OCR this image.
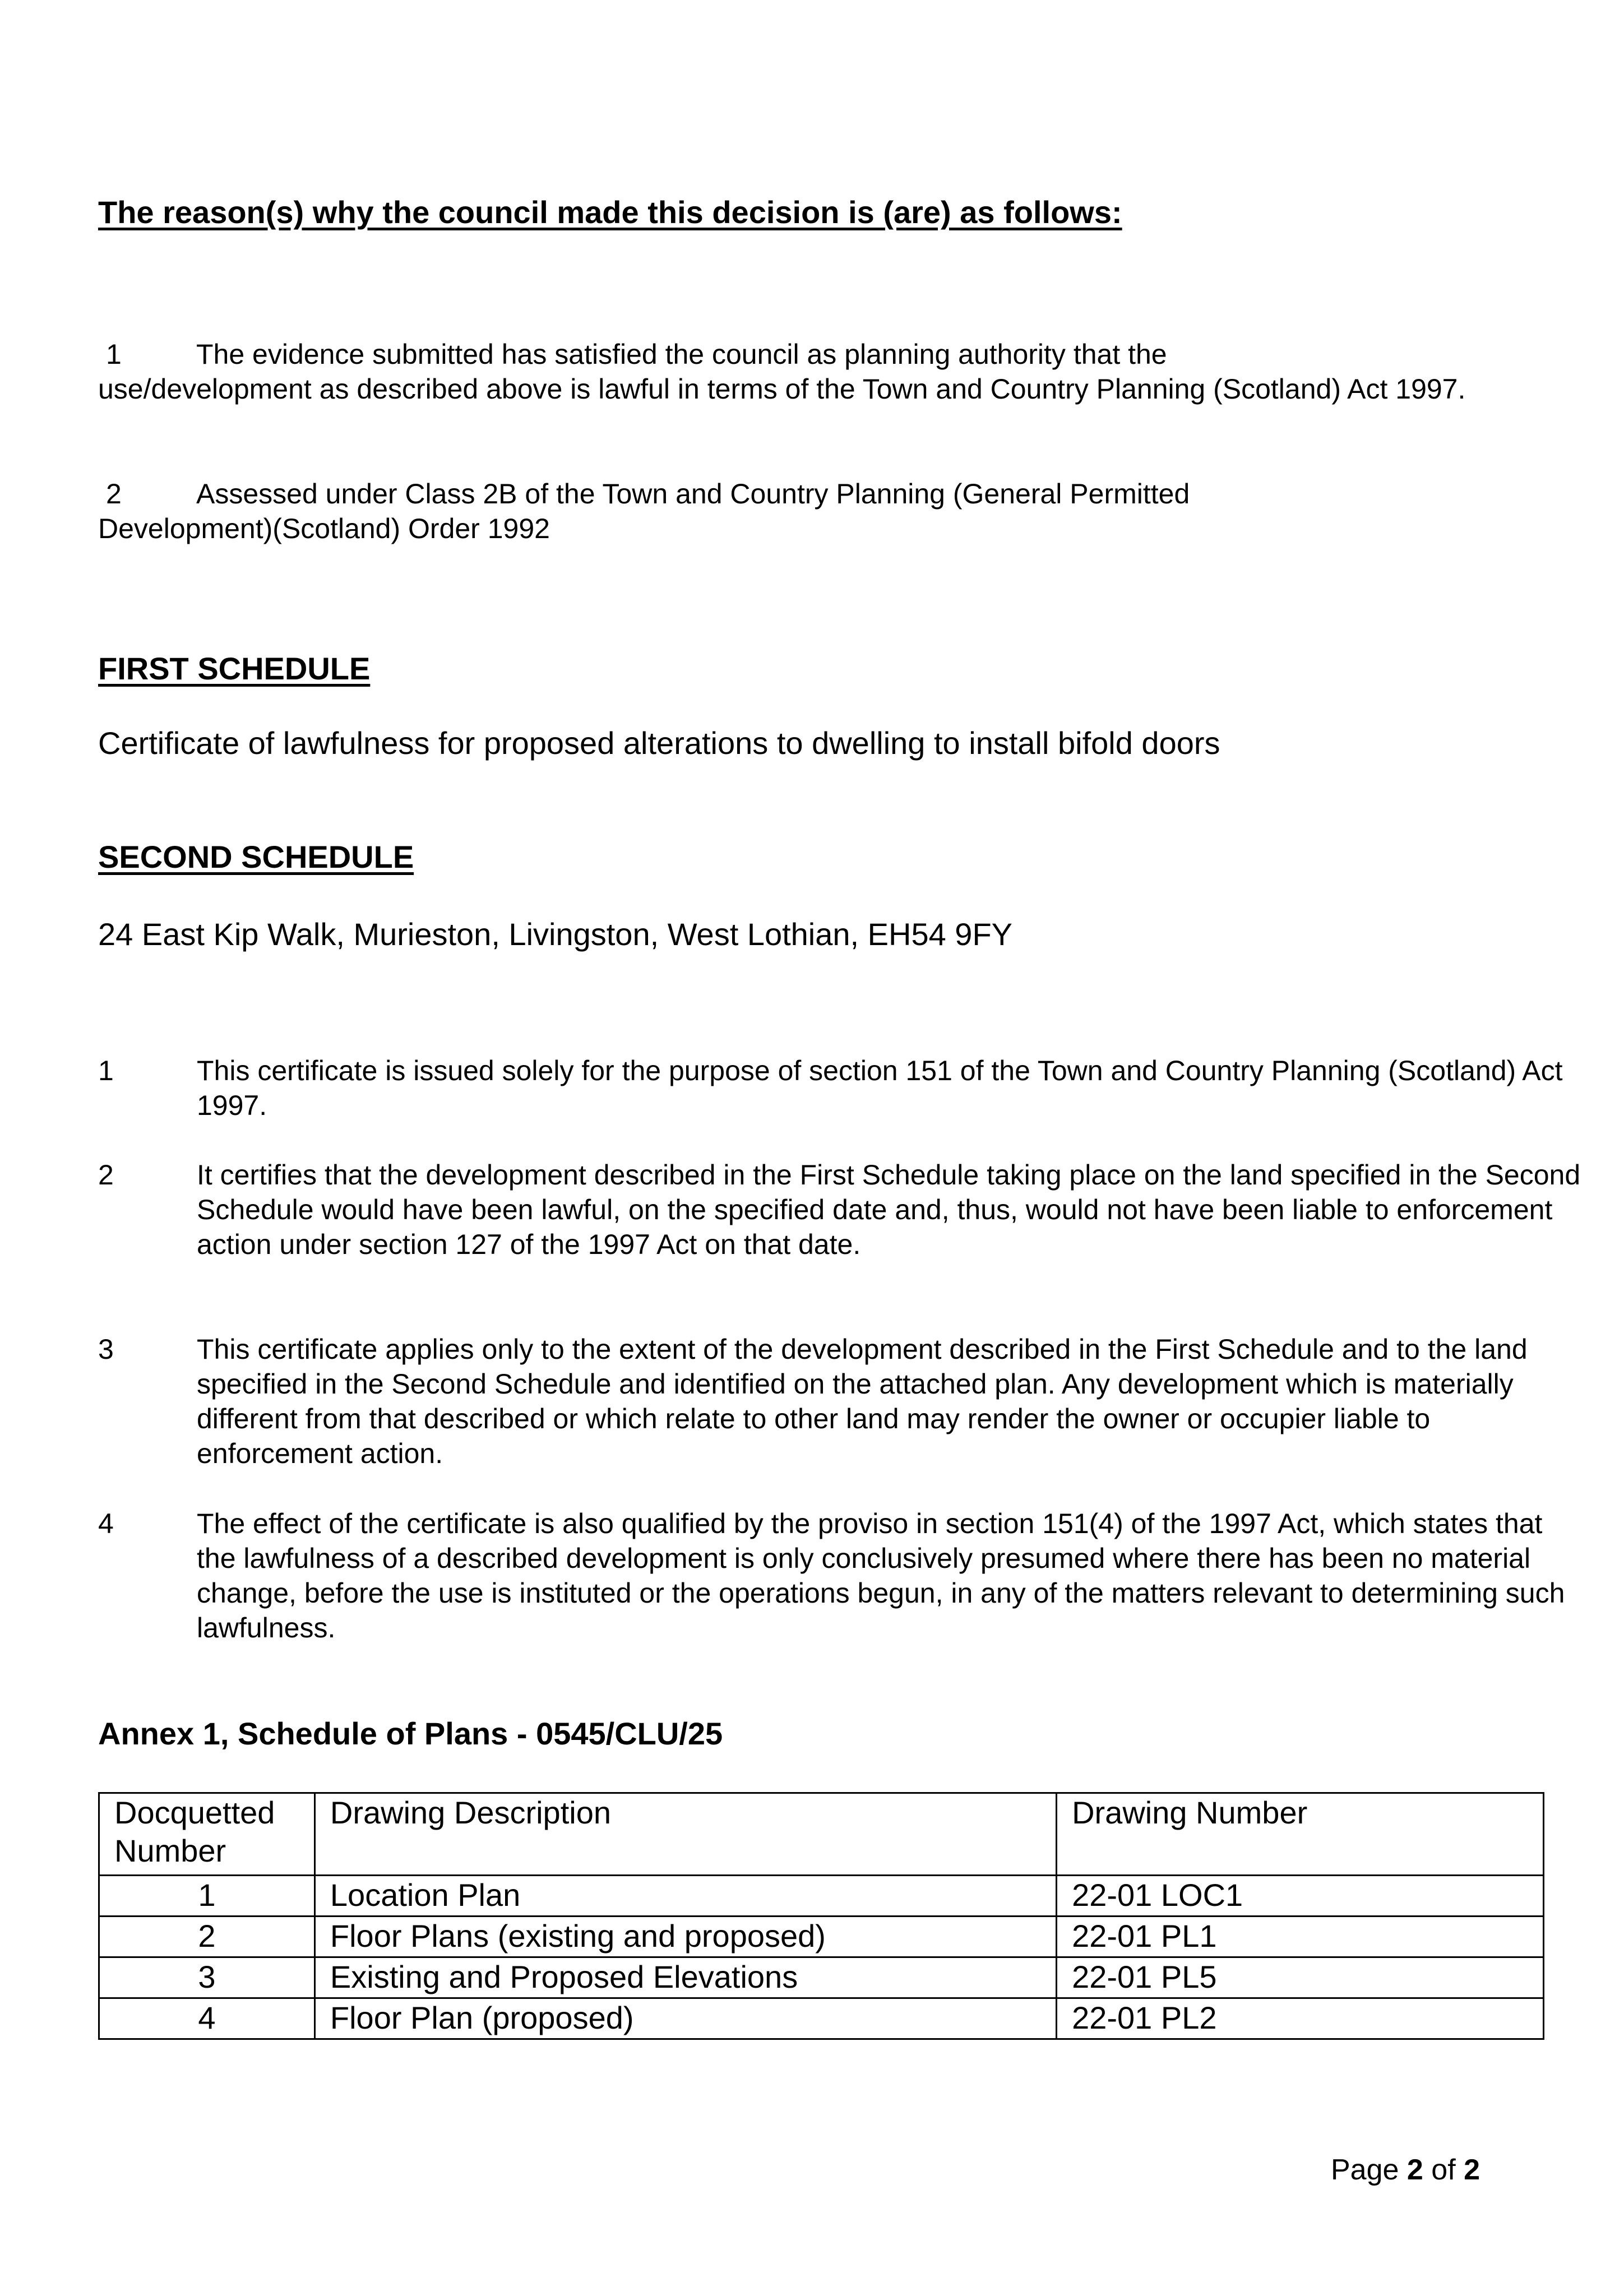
The reason(s) why the council made this decision is (are) as follows:
1	The evidence submitted has satisfied the council as planning authority that the
use/development as described above is lawful in terms of the Town and Country Planning (Scotland) Act 1997.
2	Assessed under Class 2B of the Town and Country Planning (General Permitted
Development)(Scotland) Order 1992
FIRST SCHEDULE
Certificate of lawfulness for proposed alterations to dwelling to install bifold doors
SECOND SCHEDULE
24 East Kip Walk, Murieston, Livingston, West Lothian, EH54 9FY
1	This certificate is issued solely for the purpose of section 151 of the Town and Country Planning (Scotland) Act 1997.
2	It certifies that the development described in the First Schedule taking place on the land specified in the Second Schedule would have been lawful, on the specified date and, thus, would not have been liable to enforcement action under section 127 of the 1997 Act on that date.
3	This certificate applies only to the extent of the development described in the First Schedule and to the land specified in the Second Schedule and identified on the attached plan. Any development which is materially different from that described or which relate to other land may render the owner or occupier liable to enforcement action.
4	The effect of the certificate is also qualified by the proviso in section 151(4) of the 1997 Act, which states that the lawfulness of a described development is only conclusively presumed where there has been no material change, before the use is instituted or the operations begun, in any of the matters relevant to determining such lawfulness.
Annex 1, Schedule of Plans - 0545/CLU/25
Docquetted Number	Drawing Description	Drawing Number
1	Location Plan	22-01 LOC1
2	Floor Plans (existing and proposed)	22-01 PL1
3	Existing and Proposed Elevations	22-01 PL5
4	Floor Plan (proposed)	22-01 PL2
Page 2 of 2
